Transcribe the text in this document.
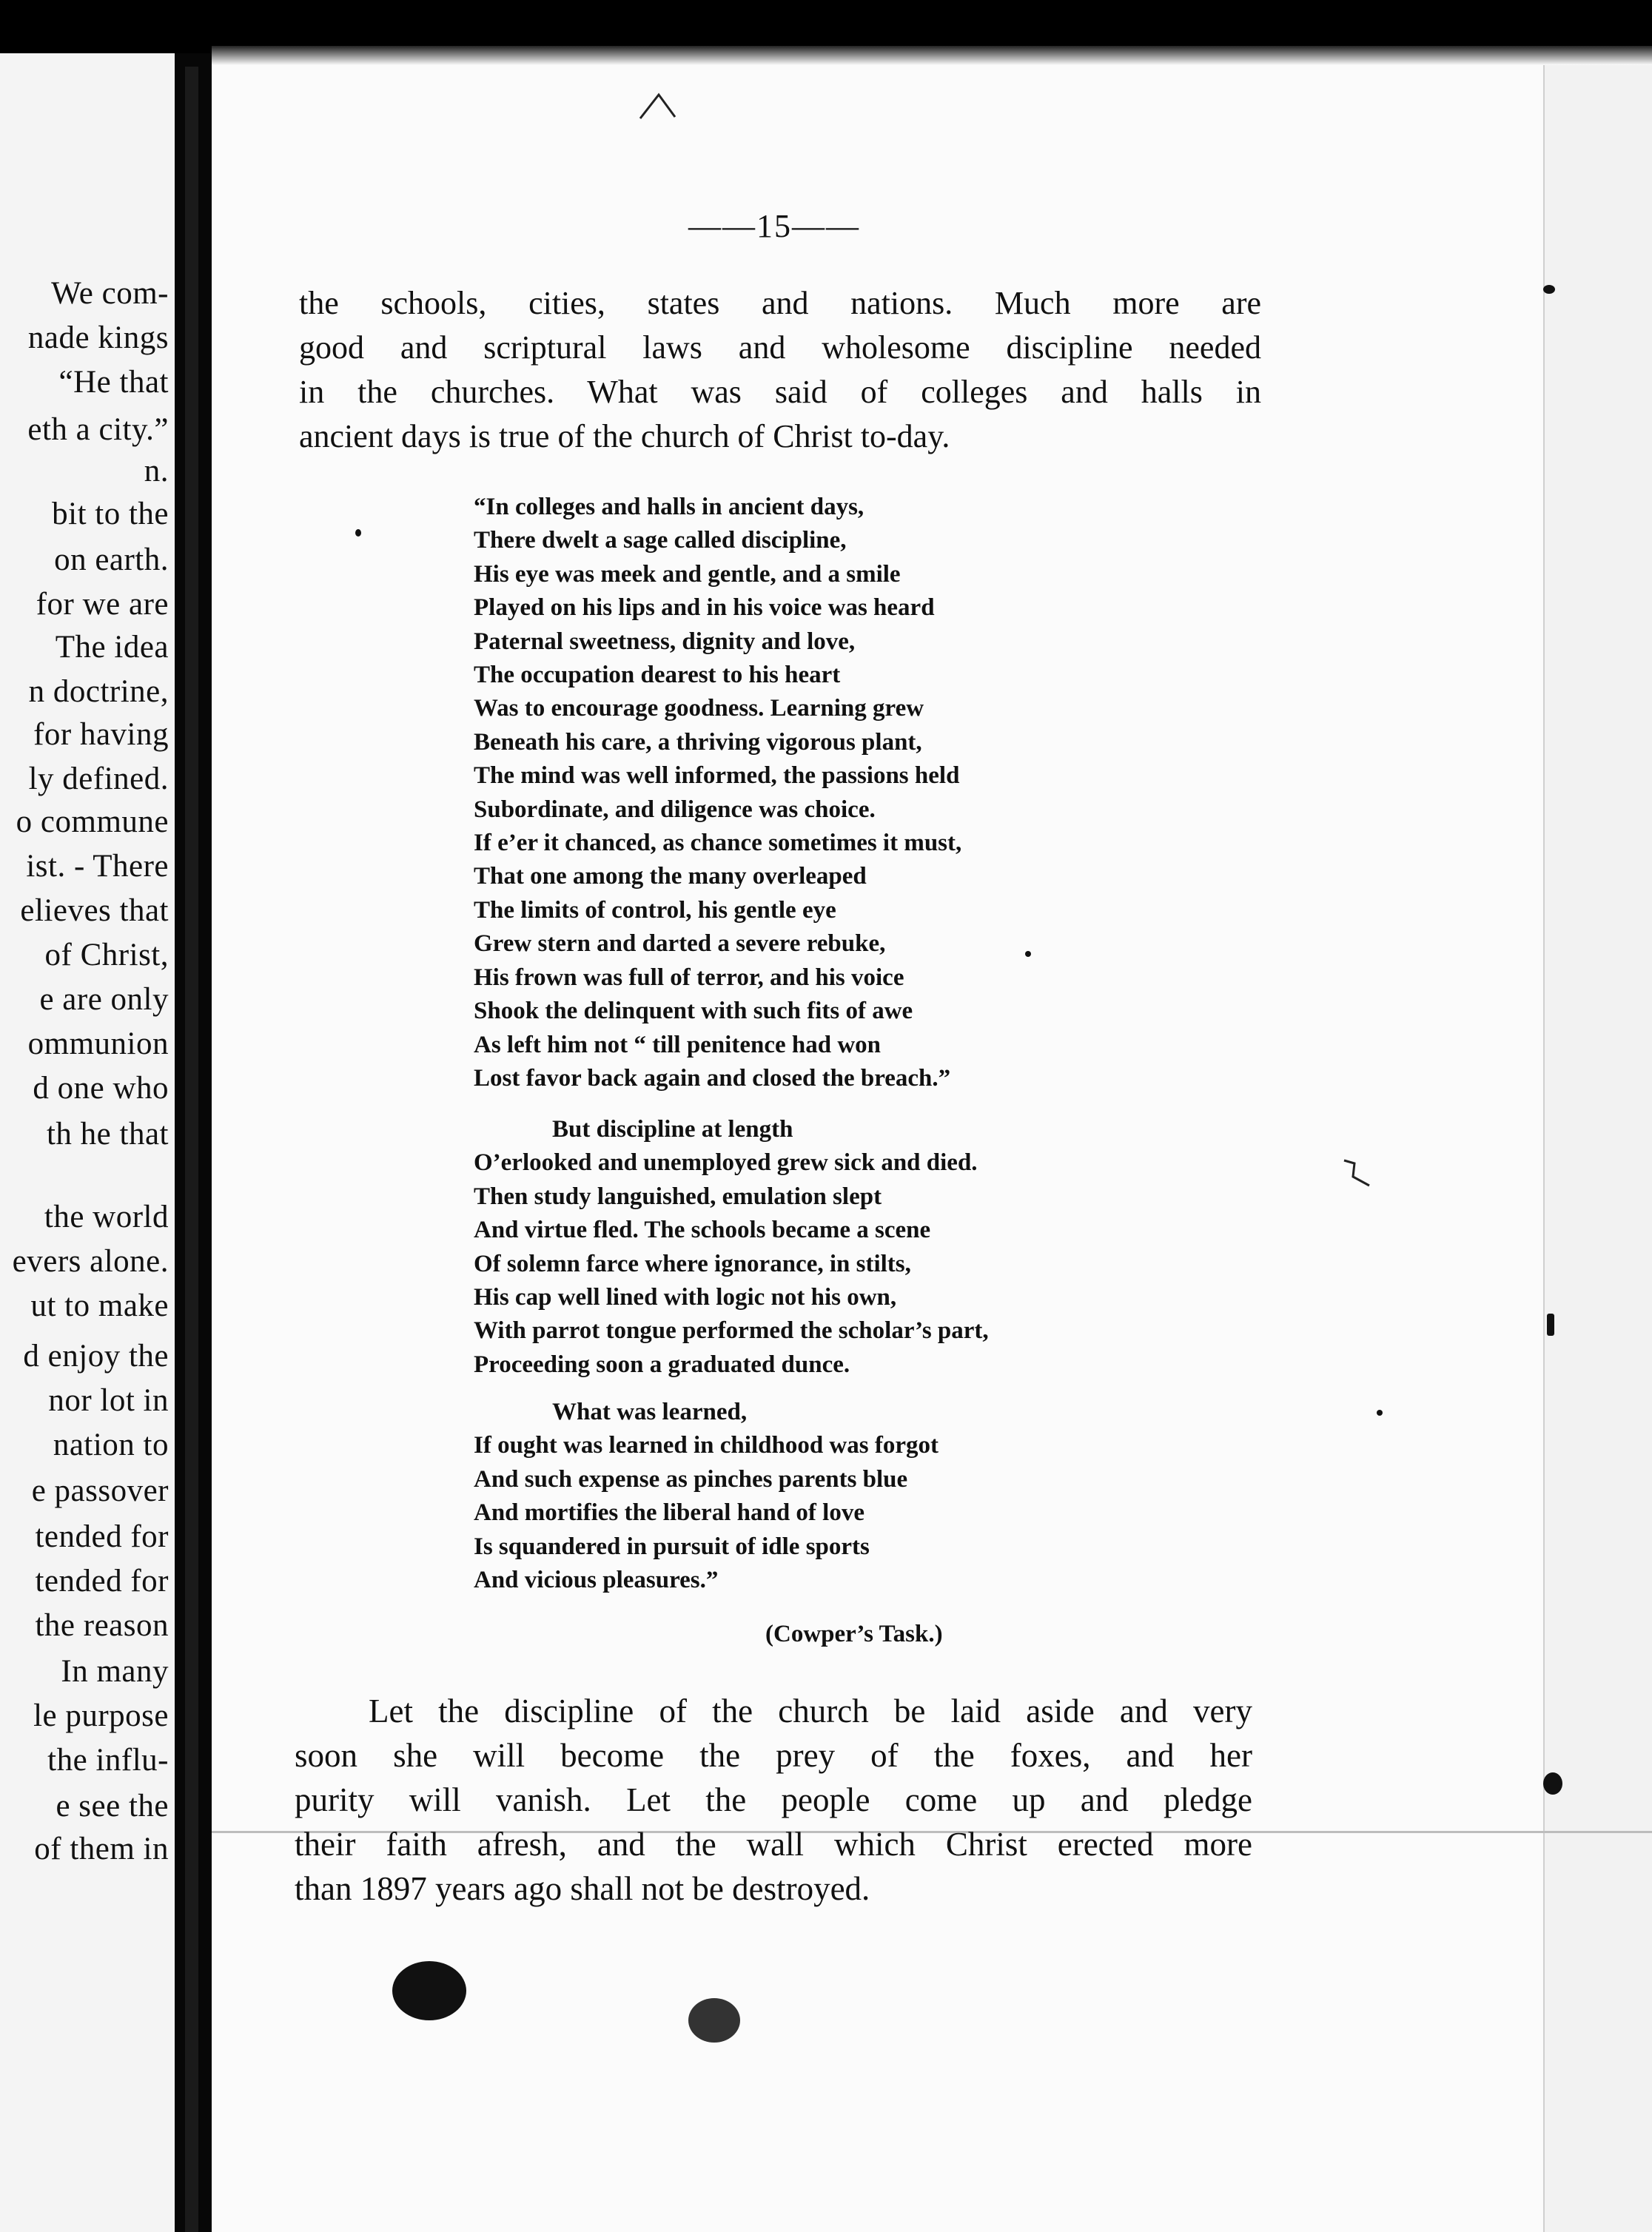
We com-
nade kings
“He that
eth a city.”
n.
bit to the
on earth.
for we are
The idea
n doctrine,
for having
ly defined.
o commune
ist. - There
elieves that
of Christ,
e are only
ommunion
d one who
th he that
the world
evers alone.
ut to make
d enjoy the
nor lot in
nation to
e passover
tended for
tended for
the reason
In many
le purpose
the influ-
e see the
of them in
——15——
the schools, cities, states and nations. Much more are
good and scriptural laws and wholesome discipline needed
in the churches. What was said of colleges and halls in
ancient days is true of the church of Christ to-day.
“In colleges and halls in ancient days,
There dwelt a sage called discipline,
His eye was meek and gentle, and a smile
Played on his lips and in his voice was heard
Paternal sweetness, dignity and love,
The occupation dearest to his heart
Was to encourage goodness. Learning grew
Beneath his care, a thriving vigorous plant,
The mind was well informed, the passions held
Subordinate, and diligence was choice.
If e’er it chanced, as chance sometimes it must,
That one among the many overleaped
The limits of control, his gentle eye
Grew stern and darted a severe rebuke,
His frown was full of terror, and his voice
Shook the delinquent with such fits of awe
As left him not “ till penitence had won
Lost favor back again and closed the breach.”
But discipline at length
O’erlooked and unemployed grew sick and died.
Then study languished, emulation slept
And virtue fled. The schools became a scene
Of solemn farce where ignorance, in stilts,
His cap well lined with logic not his own,
With parrot tongue performed the scholar’s part,
Proceeding soon a graduated dunce.
What was learned,
If ought was learned in childhood was forgot
And such expense as pinches parents blue
And mortifies the liberal hand of love
Is squandered in pursuit of idle sports
And vicious pleasures.”
(Cowper’s Task.)
Let the discipline of the church be laid aside and very
soon she will become the prey of the foxes, and her
purity will vanish. Let the people come up and pledge
their faith afresh, and the wall which Christ erected more
than 1897 years ago shall not be destroyed.
